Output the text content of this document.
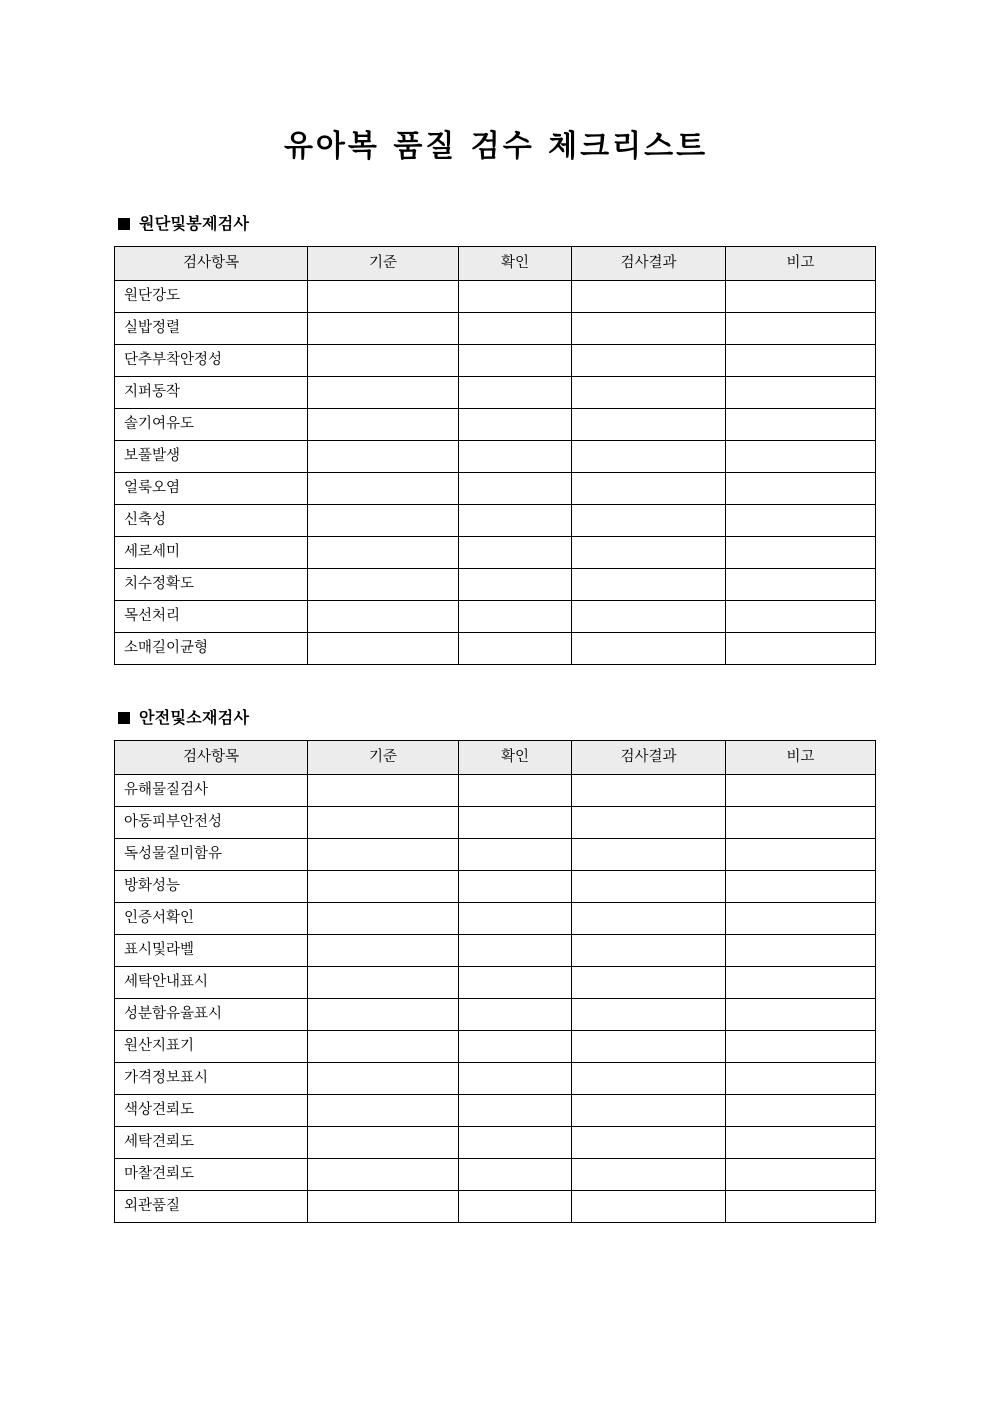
유아복 품질 검수 체크리스트
원단및봉제검사
검사항목	기준	확인	검사결과	비고
원단강도				
실밥정렬				
단추부착안정성				
지퍼동작				
솔기여유도				
보풀발생				
얼룩오염				
신축성				
세로세미				
치수정확도				
목선처리				
소매길이균형				
안전및소재검사
검사항목	기준	확인	검사결과	비고
유해물질검사				
아동피부안전성				
독성물질미함유				
방화성능				
인증서확인				
표시및라벨				
세탁안내표시				
성분함유율표시				
원산지표기				
가격정보표시				
색상견뢰도				
세탁견뢰도				
마찰견뢰도				
외관품질				
